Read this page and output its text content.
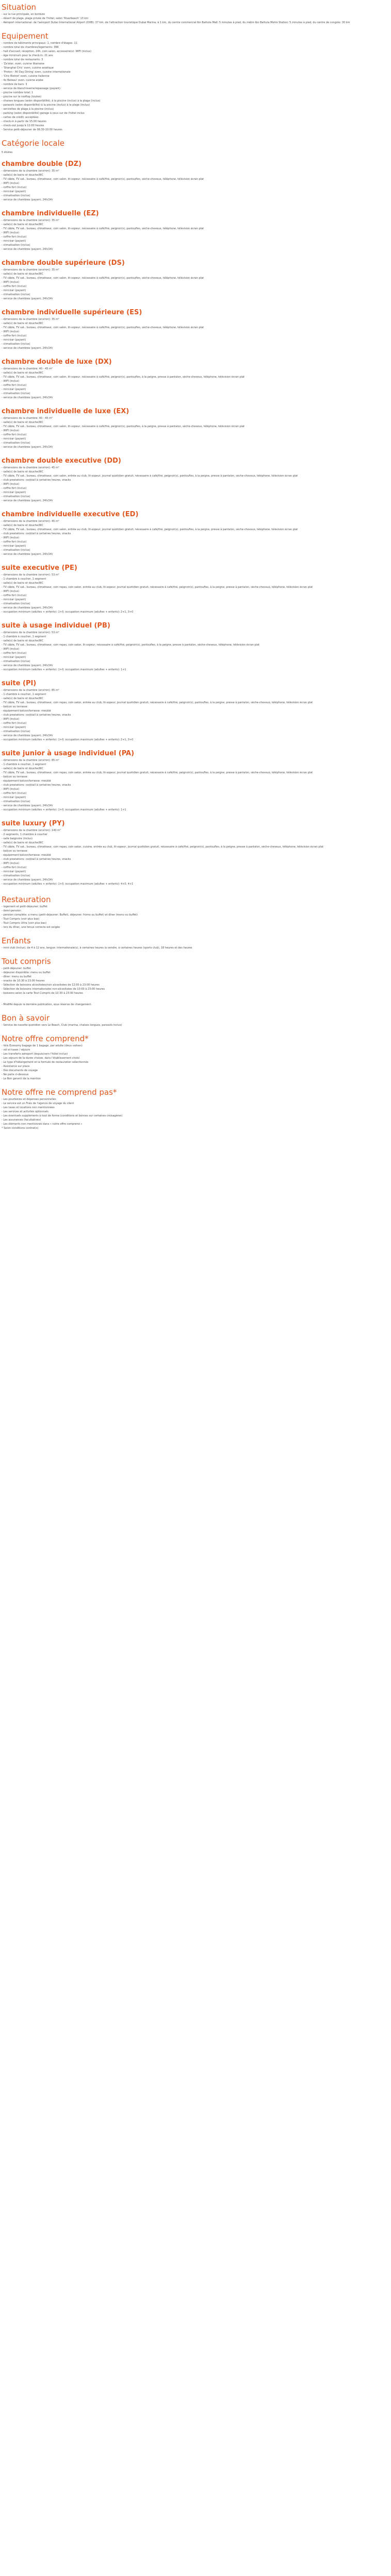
Situation
- sur la rue principale, en bordure
- désert de plage, plage privée de l'hôtel, salon 'Riverbeach' 13 km
- Aéroport international: de l'aéroport Dubai International Airport (DXB): 37 km, de l'attraction touristique Dubai Marina, à 1 km, du centre commercial Ibn Battuta Mall: 5 minutes à pied, du métro Ibn Battuta Metro Station: 5 minutes à pied, du centre de congrès: 30 km
Equipement
- nombre de bâtiments principaux: 1, nombre d'étages: 11
- nombre total de chambres/logements: 396
- hall d'accueil, réception, 24h, coin salon, accessoire(s): WIFI (inclus)
- âge minimum pour la check-in: 21 ans
- nombre total de restaurants: 3
- 'Za'atar, oven, cuisine libanaise
- 'Shanghai Chic' oven, cuisine asiatique
- 'Proton - All Day Dining' oven, cuisine internationale
- 'Chic Bistrot' oven, cuisine italienne
- 4x Bateau' oven, cuisine arabe
- nombre de bars: 3
- service de blanchisserie/repassage (payant)
- piscine nombre total: 1
- piscine sur le rooftop (toutes)
- chaises longues (selon disponibilité), à la piscine (inclus) à la plage (inclus)
- parasols (selon disponibilité) à la piscine (inclus) à la plage (inclus)
- serviettes de plage à la piscine (inclus)
- parking (selon disponibilité) garage à ceux sur de l'hôtel inclus
- cartes de crédit: acceptées
- check-in à partir de 15:00 heures
- check-out jusqu'à 12:00 heures
- Service petit-déjeuner de 06:30-10:00 heures
Catégorie locale

5 étoiles

chambre double (DZ)
- dimensions de la chambre (environ): 35 m²
- salle(s) de bains et douche/WC
- TV câble, TV sat., bureau, climatiseur, coin salon, lit-sopeur, nécessaire à café/thé, peignoir(s), pantoufles, sèche-cheveux, téléphone, télévision écran plat
- WIFI (inclus)
- coffre-fort (inclus)
- mini-bar (payant)
- climatisation (inclus)
- service de chambres (payant, 24h/24)
chambre individuelle (EZ)
- dimensions de la chambre (environ): 35 m²
- salle(s) de bains et douche/WC
- TV câble, TV sat., bureau, climatiseur, coin salon, lit-sopeur, nécessaire à café/thé, peignoir(s), pantoufles, sèche-cheveux, téléphone, télévision écran plat
- WIFI (inclus)
- coffre-fort (inclus)
- mini-bar (payant)
- climatisation (inclus)
- service de chambres (payant, 24h/24)
chambre double supérieure (DS)
- dimensions de la chambre (environ): 35 m²
- salle(s) de bains et douche/WC
- TV câble, TV sat., bureau, climatiseur, coin salon, lit-sopeur, nécessaire à café/thé, peignoir(s), pantoufles, sèche-cheveux, téléphone, télévision écran plat
- WIFI (inclus)
- coffre-fort (inclus)
- mini-bar (payant)
- climatisation (inclus)
- service de chambres (payant, 24h/24)
chambre individuelle supérieure (ES)
- dimensions de la chambre (environ): 35 m²
- salle(s) de bains et douche/WC
- TV câble, TV sat., bureau, climatiseur, coin salon, lit-sopeur, nécessaire à café/thé, peignoir(s), pantoufles, sèche-cheveux, téléphone, télévision écran plat
- WIFI (inclus)
- coffre-fort (inclus)
- mini-bar (payant)
- climatisation (inclus)
- service de chambres (payant, 24h/24)
chambre double de luxe (DX)
- dimensions de la chambre: 40 - 45 m²
- salle(s) de bains et douche/WC
- TV câble, TV sat., bureau, climatiseur, coin salon, lit-sopeur, nécessaire à café/thé, peignoir(s), pantoufles, à la peigne, presse à pantalon, sèche-cheveux, téléphone, télévision écran plat
- WIFI (inclus)
- coffre-fort (inclus)
- mini-bar (payant)
- climatisation (inclus)
- service de chambres (payant, 24h/24)
chambre individuelle de luxe (EX)
- dimensions de la chambre: 40 - 45 m²
- salle(s) de bains et douche/WC
- TV câble, TV sat., bureau, climatiseur, coin salon, lit-sopeur, nécessaire à café/thé, peignoir(s), pantoufles, à la peigne, presse à pantalon, sèche-cheveux, téléphone, télévision écran plat
- WIFI (inclus)
- coffre-fort (inclus)
- mini-bar (payant)
- climatisation (inclus)
- service de chambres (payant, 24h/24)
chambre double executive (DD)
- dimensions de la chambre (environ): 45 m²
- salle(s) de bains et douche/WC
- TV câble, TV sat., bureau, climatiseur, coin salon, entrée au club, lit-sopeur, journal quotidien gratuit, nécessaire à café/thé, peignoir(s), pantoufles, à la peigne, presse à pantalon, sèche-cheveux, téléphone, télévision écran plat
- club prestations: cocktail à certaines heures, snacks
- WIFI (inclus)
- coffre-fort (inclus)
- mini-bar (payant)
- climatisation (inclus)
- service de chambres (payant, 24h/24)
chambre individuelle executive (ED)
- dimensions de la chambre (environ): 45 m²
- salle(s) de bains et douche/WC
- TV câble, TV sat., bureau, climatiseur, coin salon, entrée au club, lit-sopeur, journal quotidien gratuit, nécessaire à café/thé, peignoir(s), pantoufles, à la peigne, presse à pantalon, sèche-cheveux, téléphone, télévision écran plat
- club prestations: cocktail à certaines heures, snacks
- WIFI (inclus)
- coffre-fort (inclus)
- mini-bar (payant)
- climatisation (inclus)
- service de chambres (payant, 24h/24)
suite executive (PE)
- dimensions de la chambre (environ): 53 m²
- 1 chambre à coucher, 1 segment
- salle(s) de bains et douche/WC
- TV câble, TV sat., bureau, climatiseur, coin repas, coin salon, entrée au club, lit-sopeur, journal quotidien gratuit, nécessaire à café/thé, peignoir(s), pantoufles, à la peigne, presse à pantalon, sèche-cheveux, téléphone, télévision écran plat
- WIFI (inclus)
- coffre-fort (inclus)
- mini-bar (payant)
- climatisation (inclus)
- service de chambres (payant, 24h/24)
- occupation minimum (adultes + enfants): 1+0, occupation maximum (adultes + enfants): 2+1, 3+0
suite à usage individuel (PB)
- dimensions de la chambre (environ): 53 m²
- 1 chambre à coucher, 1 segment
- salle(s) de bains et douche/WC
- TV câble, TV sat., bureau, climatiseur, coin repas, coin salon, lit-sopeur, nécessaire à café/thé, peignoir(s), pantoufles, à la peigne, presse à pantalon, sèche-cheveux, téléphone, télévision écran plat
- WIFI (inclus)
- coffre-fort (inclus)
- mini-bar (payant)
- climatisation (inclus)
- service de chambres (payant, 24h/24)
- occupation minimum (adultes + enfants): 1+0, occupation maximum (adultes + enfants): 1+1
suite (PI)
- dimensions de la chambre (environ): 85 m²
- 1 chambre à coucher, 1 segment
- salle(s) de bains et douche/WC
- TV câble, TV sat., bureau, climatiseur, coin repas, coin salon, entrée au club, lit-sopeur, journal quotidien gratuit, nécessaire à café/thé, peignoir(s), pantoufles, à la peigne, presse à pantalon, sèche-cheveux, téléphone, télévision écran plat
- balcon ou terrasse
- équipement balcon/terrasse: meublé
- club prestations: cocktail à certaines heures, snacks
- WIFI (inclus)
- coffre-fort (inclus)
- mini-bar (payant)
- climatisation (inclus)
- service de chambres (payant, 24h/24)
- occupation minimum (adultes + enfants): 1+0, occupation maximum (adultes + enfants): 2+1, 3+0
suite junior à usage individuel (PA)
- dimensions de la chambre (environ): 85 m²
- 1 chambre à coucher, 1 segment
- salle(s) de bains et douche/WC
- TV câble, TV sat., bureau, climatiseur, coin repas, coin salon, entrée au club, lit-sopeur, journal quotidien gratuit, nécessaire à café/thé, peignoir(s), pantoufles, à la peigne, presse à pantalon, sèche-cheveux, téléphone, télévision écran plat
- balcon ou terrasse
- équipement balcon/terrasse: meublé
- club prestations: cocktail à certaines heures, snacks
- WIFI (inclus)
- coffre-fort (inclus)
- mini-bar (payant)
- climatisation (inclus)
- service de chambres (payant, 24h/24)
- occupation minimum (adultes + enfants): 1+0, occupation maximum (adultes + enfants): 1+1
suite luxury (PY)
- dimensions de la chambre (environ): 140 m²
- 2 segments, 1 chambre à coucher
- salle baignoire (inclus)
- salle(s) de bains et douche/WC
- TV câble, TV sat., bureau, climatiseur, coin repas, coin salon, cuisine, entrée au club, lit-sopeur, journal quotidien gratuit, nécessaire à café/thé, peignoir(s), pantoufles, à la peigne, presse à pantalon, sèche-cheveux, téléphone, télévision écran plat
- balcon ou terrasse
- équipement balcon/terrasse: meublé
- club prestations: cocktail à certaines heures, snacks
- WIFI (inclus)
- coffre-fort (inclus)
- mini-bar (payant)
- climatisation (inclus)
- service de chambres (payant, 24h/24)
- occupation minimum (adultes + enfants): 1+0, occupation maximum (adultes + enfants): 4+0, 4+1
Restauration
- logement et petit-déjeuner: buffet
- demi-pension:
- pension complète: a menu (petit-déjeuner: Buffet), déjeuner: fromo ou buffet) et dîner (menu ou buffet)
- Tout Compris (voir plus bas)
- Tout Compris Ultra (voir plus bas)
- lors du dîner, une tenue correcte est exigée
Enfants
- mini club (inclus), de 4 à 12 ans, langue: internationale(s), à certaines heures la vendre, à certaines heures (sports club), 18 heures et des heures
Tout compris
- petit-déjeuner: buffet
- déjeuner disponible: menu ou buffet
- dîner: menu ou buffet
- snacks de 10:30 à 23:00 heures
- Sélection de boissons alcoolisées/non alcoolisées de 12:00 à 23:00 heures
- Sélection de boissons internationales non-alcoolisées de 10:00 à 23:00 heures
- boissons selon la carte Tout Compris de 10:30 à 23:00 heures

- Modifié depuis la dernière publication, sous réserve de changement.

Bon à savoir
- Service de navette quotidien vers Le Beach, Club (marina, chaises longues, parasols inclus)
Notre offre comprend*
- Vols Economy bagage de 1 bagage, par adulte (deux valises)
- vol et taxes / séjours
- Les transferts aéroport (depuis/vers l'hôtel inclus)
- Les séjours de la durée choisie, dans l'établissement choisi
- Le type d'hébergement et la formule de restauration sélectionnés
- Assistance sur place
- Des documents de voyage
- Ne parle ci-dessous
- Le Bon garanti de la mention
Notre offre ne comprend pas*
- Les pourboires et dépenses personnelles
- Le service est un Frais de l'agence de voyage du client
- Les taxes et locations non mentionnées
- Les services et activités optionnels
- Les éventuels suppléments à tout de forme (conditions et bonnes sur certaines croisagères)
- Les assurances (facultatives)
- Les éléments non mentionnés dans « notre offre comprend »
* Selon conditions contrat(s)
